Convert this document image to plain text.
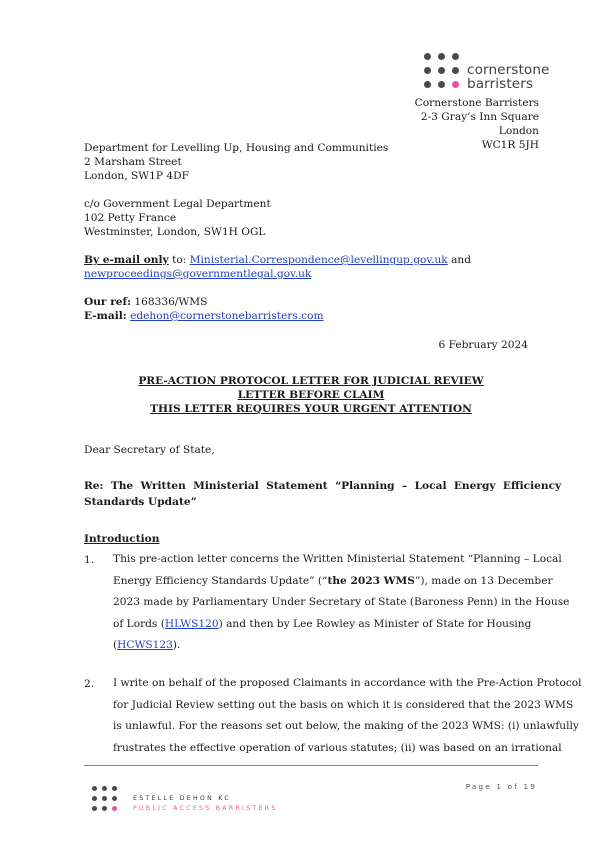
cornerstone
barristers
Cornerstone Barristers
2-3 Gray’s Inn Square
London
WC1R 5JH
Department for Levelling Up, Housing and Communities
2 Marsham Street
London, SW1P 4DF
c/o Government Legal Department
102 Petty France
Westminster, London, SW1H OGL
By e-mail only to: Ministerial.Correspondence@levellingup.gov.uk and
newproceedings@governmentlegal.gov.uk
Our ref: 168336/WMS
E-mail: edehon@cornerstonebarristers.com
6 February 2024
PRE-ACTION PROTOCOL LETTER FOR JUDICIAL REVIEW
LETTER BEFORE CLAIM
THIS LETTER REQUIRES YOUR URGENT ATTENTION
Dear Secretary of State,
Re:  The  Written  Ministerial  Statement  “Planning  –  Local  Energy  Efficiency
Standards Update”
Introduction
1. This pre-action letter concerns the Written Ministerial Statement “Planning – Local
Energy Efficiency Standards Update” (“the 2023 WMS”), made on 13 December
2023 made by Parliamentary Under Secretary of State (Baroness Penn) in the House
of Lords (HLWS120) and then by Lee Rowley as Minister of State for Housing
(HCWS123).
2. I write on behalf of the proposed Claimants in accordance with the Pre-Action Protocol
for Judicial Review setting out the basis on which it is considered that the 2023 WMS
is unlawful. For the reasons set out below, the making of the 2023 WMS: (i) unlawfully
frustrates the effective operation of various statutes; (ii) was based on an irrational
ESTELLE DEHON KC
PUBLIC ACCESS BARRISTERS
Page 1 of 19
